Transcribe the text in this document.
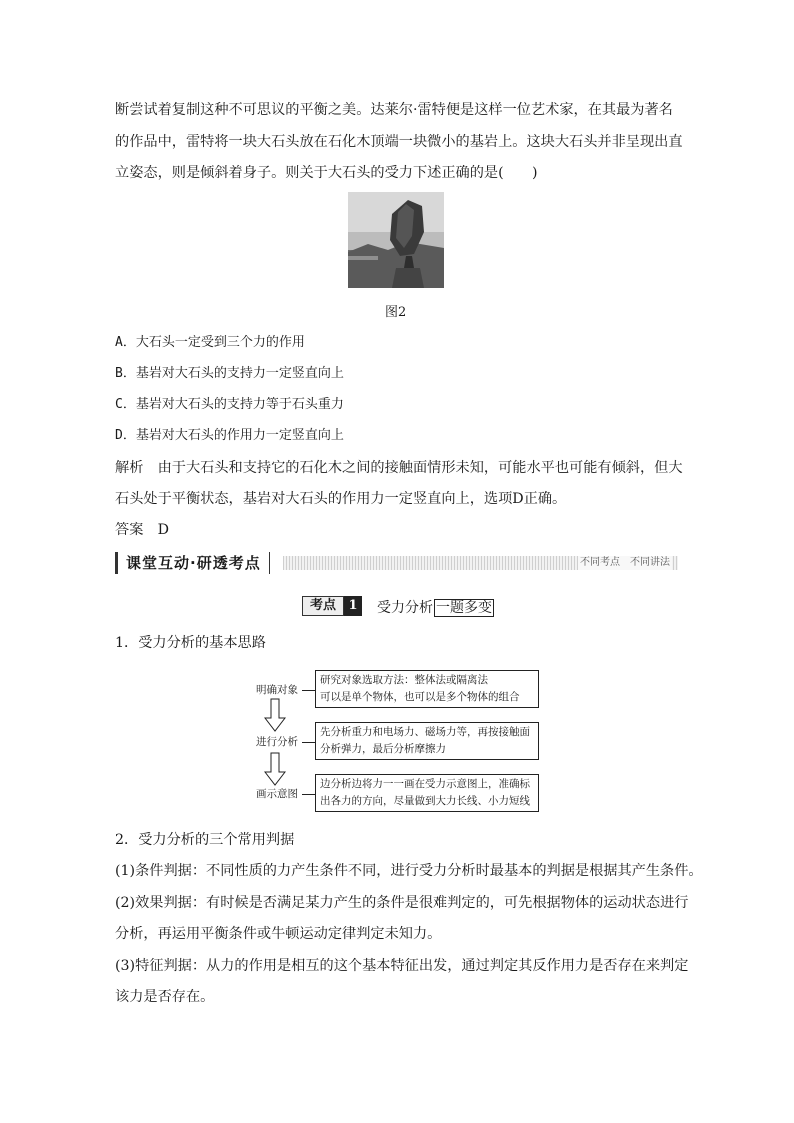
断尝试着复制这种不可思议的平衡之美。达莱尔·雷特便是这样一位艺术家，在其最为著名
的作品中，雷特将一块大石头放在石化木顶端一块微小的基岩上。这块大石头并非呈现出直
立姿态，则是倾斜着身子。则关于大石头的受力下述正确的是(　　)
图2
A．大石头一定受到三个力的作用
B．基岩对大石头的支持力一定竖直向上
C．基岩对大石头的支持力等于石头重力
D．基岩对大石头的作用力一定竖直向上
解析　由于大石头和支持它的石化木之间的接触面情形未知，可能水平也可能有倾斜，但大
石头处于平衡状态，基岩对大石头的作用力一定竖直向上，选项D正确。
答案　D
课堂互动·研透考点	不同考点　不同讲法
考点 1	受力分析 一题多变
1．受力分析的基本思路
明确对象
研究对象选取方法：整体法或隔离法
可以是单个物体，也可以是多个物体的组合
进行分析
先分析重力和电场力、磁场力等，再按接触面
分析弹力，最后分析摩擦力
画示意图
边分析边将力一一画在受力示意图上，准确标
出各力的方向，尽量做到大力长线、小力短线
2．受力分析的三个常用判据
(1)条件判据：不同性质的力产生条件不同，进行受力分析时最基本的判据是根据其产生条件。
(2)效果判据：有时候是否满足某力产生的条件是很难判定的，可先根据物体的运动状态进行
分析，再运用平衡条件或牛顿运动定律判定未知力。
(3)特征判据：从力的作用是相互的这个基本特征出发，通过判定其反作用力是否存在来判定
该力是否存在。
